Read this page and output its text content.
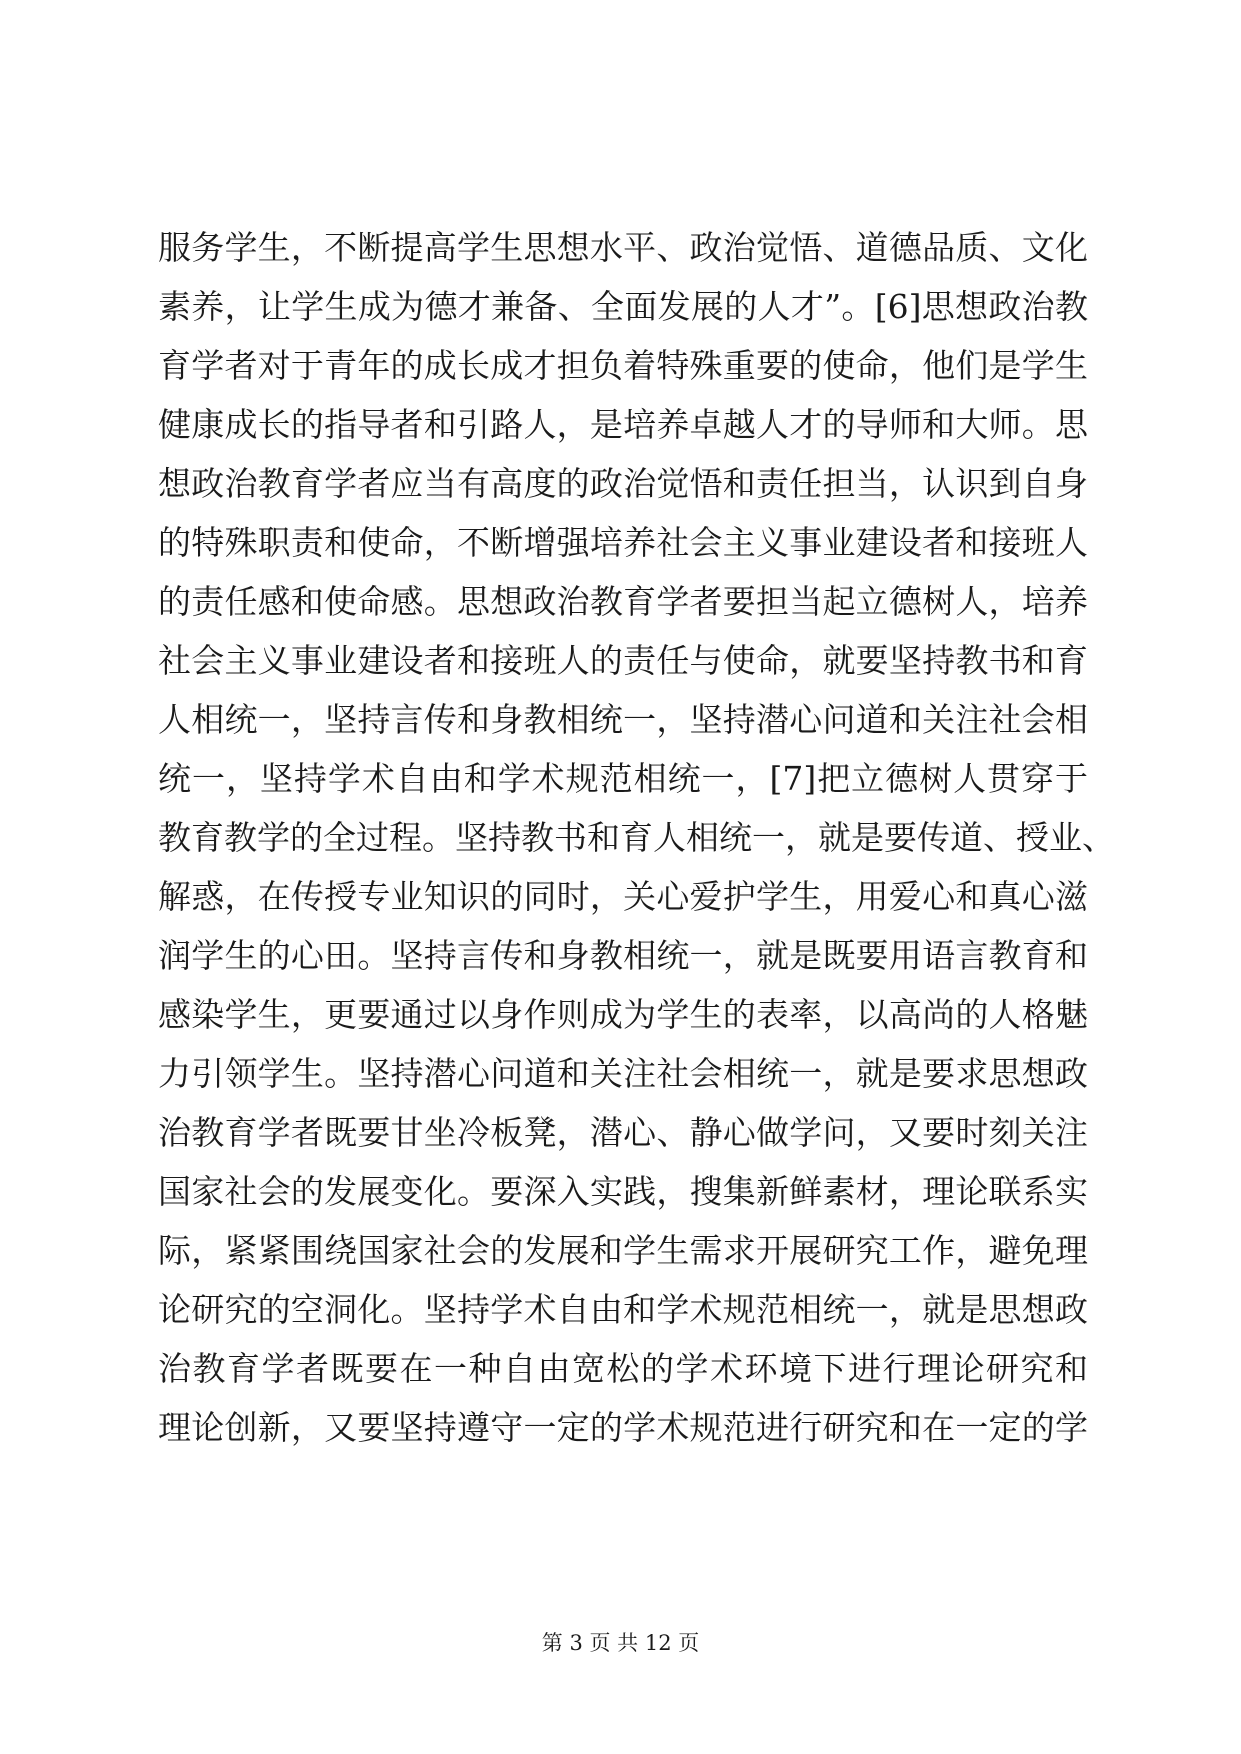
服务学生，不断提高学生思想水平、政治觉悟、道德品质、文化
素养，让学生成为德才兼备、全面发展的人才”。[6]思想政治教
育学者对于青年的成长成才担负着特殊重要的使命，他们是学生
健康成长的指导者和引路人，是培养卓越人才的导师和大师。思
想政治教育学者应当有高度的政治觉悟和责任担当，认识到自身
的特殊职责和使命，不断增强培养社会主义事业建设者和接班人
的责任感和使命感。思想政治教育学者要担当起立德树人，培养
社会主义事业建设者和接班人的责任与使命，就要坚持教书和育
人相统一，坚持言传和身教相统一，坚持潜心问道和关注社会相
统一，坚持学术自由和学术规范相统一，[7]把立德树人贯穿于
教育教学的全过程。坚持教书和育人相统一，就是要传道、授业、
解惑，在传授专业知识的同时，关心爱护学生，用爱心和真心滋
润学生的心田。坚持言传和身教相统一，就是既要用语言教育和
感染学生，更要通过以身作则成为学生的表率，以高尚的人格魅
力引领学生。坚持潜心问道和关注社会相统一，就是要求思想政
治教育学者既要甘坐冷板凳，潜心、静心做学问，又要时刻关注
国家社会的发展变化。要深入实践，搜集新鲜素材，理论联系实
际，紧紧围绕国家社会的发展和学生需求开展研究工作，避免理
论研究的空洞化。坚持学术自由和学术规范相统一，就是思想政
治教育学者既要在一种自由宽松的学术环境下进行理论研究和
理论创新，又要坚持遵守一定的学术规范进行研究和在一定的学
第 3 页 共 12 页
